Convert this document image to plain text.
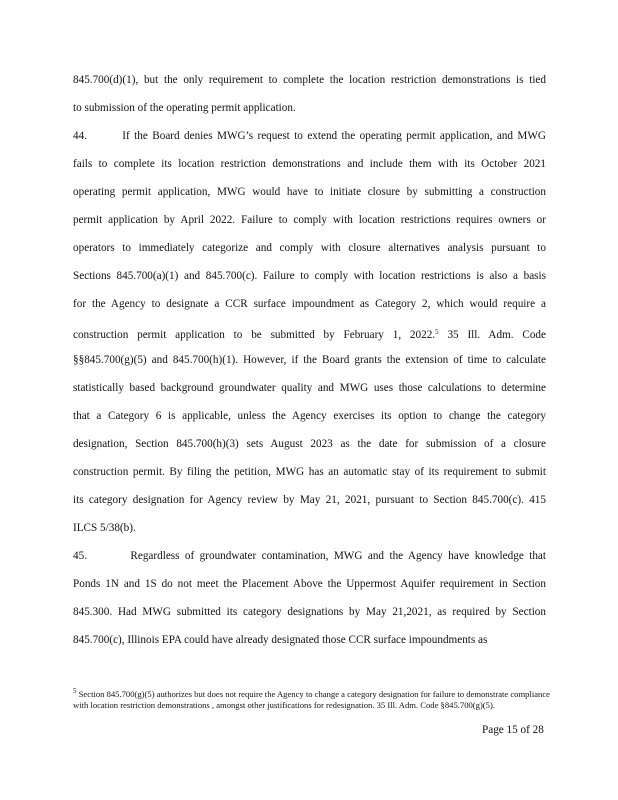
845.700(d)(1), but the only requirement to complete the location restriction demonstrations is tied
to submission of the operating permit application.
44.        If the Board denies MWG’s request to extend the operating permit application, and MWG
fails to complete its location restriction demonstrations and include them with its October 2021
operating permit application, MWG would have to initiate closure by submitting a construction
permit application by April 2022. Failure to comply with location restrictions requires owners or
operators to immediately categorize and comply with closure alternatives analysis pursuant to
Sections 845.700(a)(1) and 845.700(c). Failure to comply with location restrictions is also a basis
for the Agency to designate a CCR surface impoundment as Category 2, which would require a
construction permit application to be submitted by February 1, 2022.$^5$ 35 Ill. Adm. Code
§§845.700(g)(5) and 845.700(h)(1). However, if the Board grants the extension of time to calculate
statistically based background groundwater quality and MWG uses those calculations to determine
that a Category 6 is applicable, unless the Agency exercises its option to change the category
designation, Section 845.700(h)(3) sets August 2023 as the date for submission of a closure
construction permit. By filing the petition, MWG has an automatic stay of its requirement to submit
its category designation for Agency review by May 21, 2021, pursuant to Section 845.700(c). 415
ILCS 5/38(b).
45.        Regardless of groundwater contamination, MWG and the Agency have knowledge that
Ponds 1N and 1S do not meet the Placement Above the Uppermost Aquifer requirement in Section
845.300. Had MWG submitted its category designations by May 21,2021, as required by Section
845.700(c), Illinois EPA could have already designated those CCR surface impoundments as
$^5$ Section 845.700(g)(5) authorizes but does not require the Agency to change a category designation for failure to demonstrate compliance with location restriction demonstrations , amongst other justifications for redesignation. 35 Ill. Adm. Code §845.700(g)(5).
Page 15 of 28
